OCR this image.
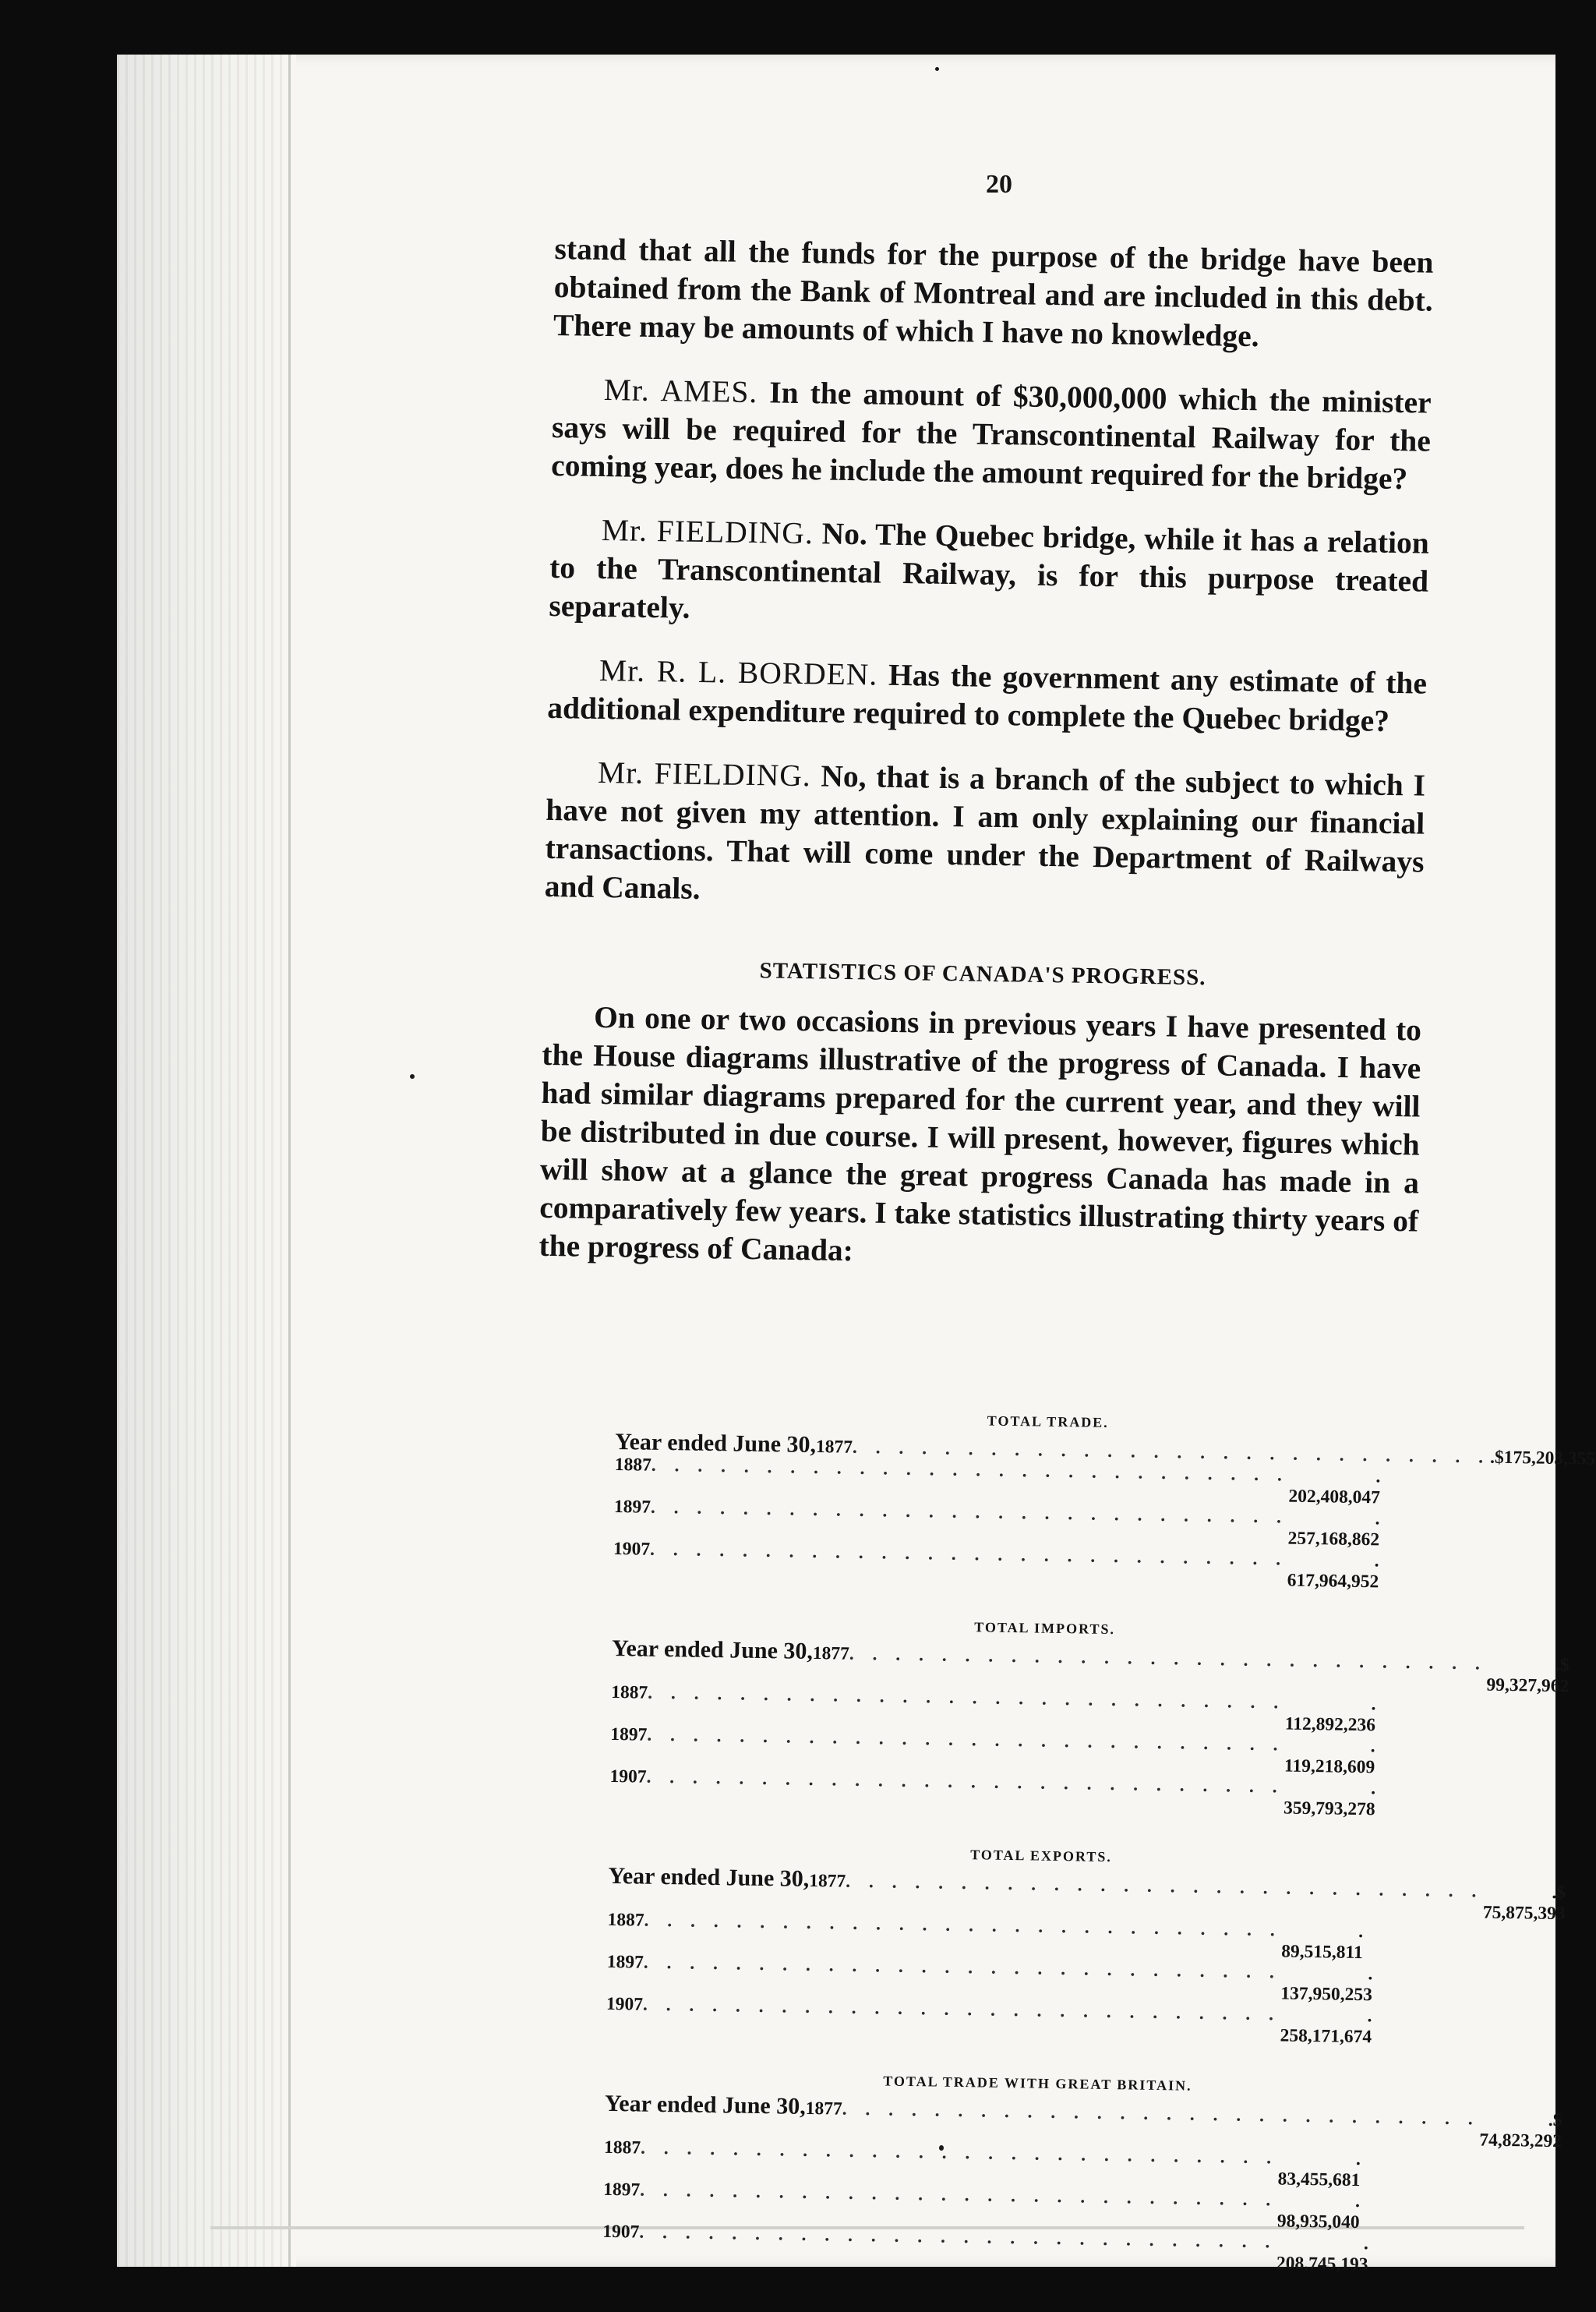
20

stand that all the funds for the purpose of the bridge have been obtained from the Bank of Montreal and are included in this debt. There may be amounts of which I have no knowledge.

Mr. AMES. In the amount of $30,000,000 which the minister says will be required for the Transcontinental Railway for the coming year, does he include the amount required for the bridge?

Mr. FIELDING. No. The Quebec bridge, while it has a relation to the Transcontinental Railway, is for this purpose treated separately.

Mr. R. L. BORDEN. Has the government any estimate of the additional expenditure required to complete the Quebec bridge?

Mr. FIELDING. No, that is a branch of the subject to which I have not given my attention. I am only explaining our financial transactions. That will come under the Department of Railways and Canals.

STATISTICS OF CANADA'S PROGRESS.

On one or two occasions in previous years I have presented to the House diagrams illustrative of the progress of Canada. I have had similar diagrams prepared for the current year, and they will be distributed in due course. I will present, however, figures which will show at a glance the great progress Canada has made in a comparatively few years. I take statistics illustrating thirty years of the progress of Canada:

TOTAL TRADE.
Year ended June 30, 1877 . . . . . . . . . . . . . . . . . . . . . . . . . . . . .$175,203,355
1887 . . . . . . . . . . . . . . . . . . . . . . . . . . . .	. 202,408,047
1897 . . . . . . . . . . . . . . . . . . . . . . . . . . . .	. 257,168,862
1907 . . . . . . . . . . . . . . . . . . . . . . . . . . . .	. 617,964,952
TOTAL IMPORTS.
Year ended June 30, 1877 . . . . . . . . . . . . . . . . . . . . . . . . . . . .	.$ 99,327,962
1887 . . . . . . . . . . . . . . . . . . . . . . . . . . . .	. 112,892,236
1897 . . . . . . . . . . . . . . . . . . . . . . . . . . . .	. 119,218,609
1907 . . . . . . . . . . . . . . . . . . . . . . . . . . . .	. 359,793,278
TOTAL EXPORTS.
Year ended June 30, 1877 . . . . . . . . . . . . . . . . . . . . . . . . . . . .	.$ 75,875,393
1887 . . . . . . . . . . . . . . . . . . . . . . . . . . . .	. 89,515,811
1897 . . . . . . . . . . . . . . . . . . . . . . . . . . . .	. 137,950,253
1907 . . . . . . . . . . . . . . . . . . . . . . . . . . . .	. 258,171,674
TOTAL TRADE WITH GREAT BRITAIN.
Year ended June 30, 1877 . . . . . . . . . . . . . . . . . . . . . . . . . . . .	.$ 74,823,292
1887 . . . . . . . . . . . . . . . . . . . . . . . . . . . .	. 83,455,681
1897 . . . . . . . . . . . . . . . . . . . . . . . . . . . .	. 98,935,040
1907 . . . . . . . . . . . . . . . . . . . . . . . . . . . .	. 208,745,193
